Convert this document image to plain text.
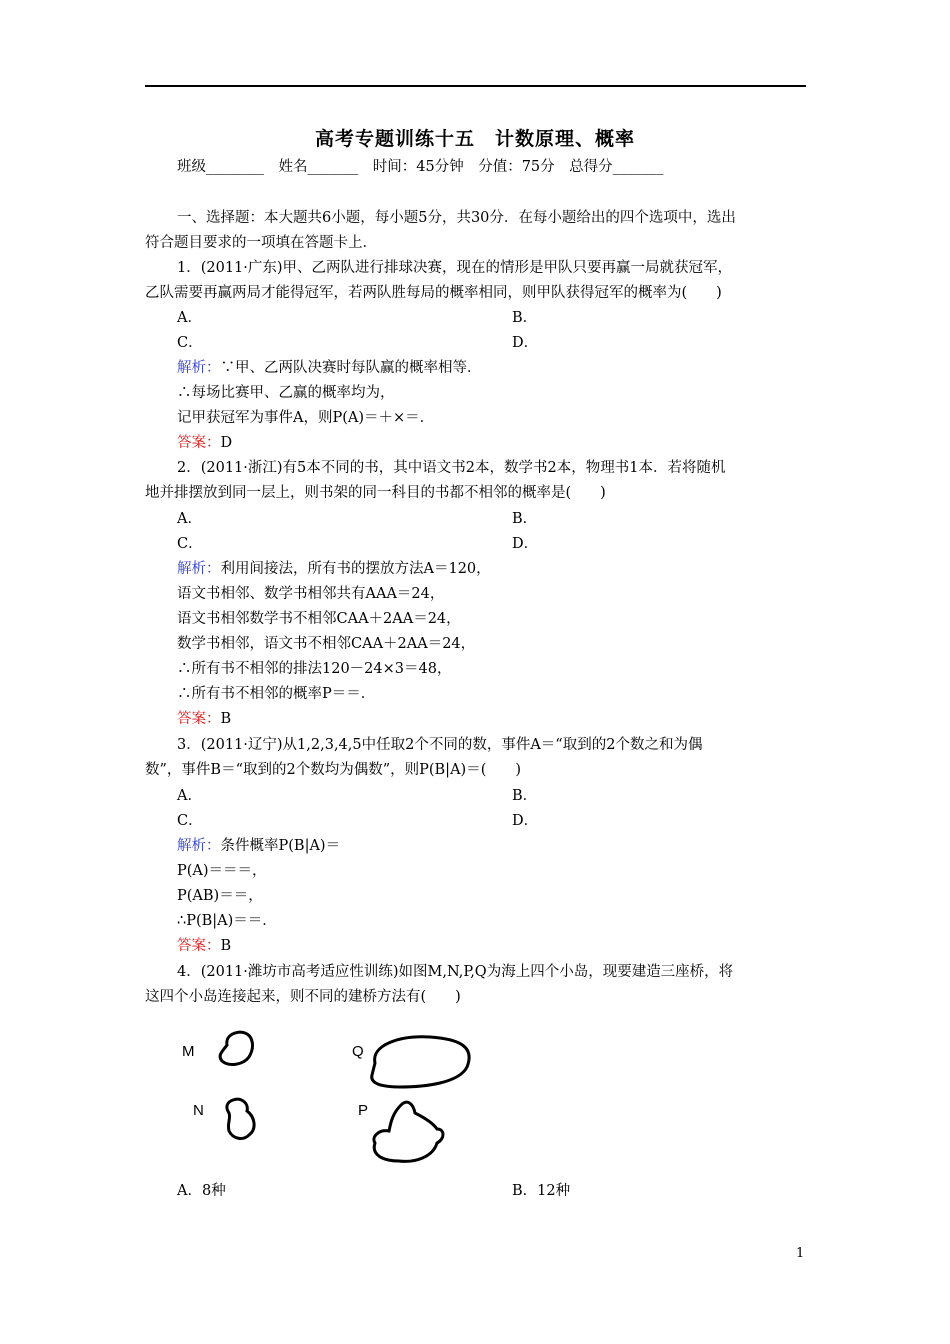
高考专题训练十五　计数原理、概率
班级________　姓名_______　时间：45分钟　分值：75分　总得分_______
一、选择题：本大题共6小题，每小题5分，共30分．在每小题给出的四个选项中，选出
符合题目要求的一项填在答题卡上．
1．(2011·广东)甲、乙两队进行排球决赛，现在的情形是甲队只要再赢一局就获冠军，
乙队需要再赢两局才能得冠军，若两队胜每局的概率相同，则甲队获得冠军的概率为(　　)
A．	B．
C．	D．
解析：∵甲、乙两队决赛时每队赢的概率相等．
∴每场比赛甲、乙赢的概率均为，
记甲获冠军为事件A，则P(A)＝＋×＝．
答案：D
2．(2011·浙江)有5本不同的书，其中语文书2本，数学书2本，物理书1本．若将随机
地并排摆放到同一层上，则书架的同一科目的书都不相邻的概率是(　　)
A．	B．
C．	D．
解析：利用间接法，所有书的摆放方法A＝120，
语文书相邻、数学书相邻共有AAA＝24，
语文书相邻数学书不相邻CAA＋2AA＝24，
数学书相邻，语文书不相邻CAA＋2AA＝24，
∴所有书不相邻的排法120－24×3＝48，
∴所有书不相邻的概率P＝＝．
答案：B
3．(2011·辽宁)从1,2,3,4,5中任取2个不同的数，事件A＝“取到的2个数之和为偶
数”，事件B＝“取到的2个数均为偶数”，则P(B|A)＝(　　)
A．	B．
C．	D．
解析：条件概率P(B|A)＝
P(A)＝＝＝，
P(AB)＝＝，
∴P(B|A)＝＝．
答案：B
4．(2011·潍坊市高考适应性训练)如图M,N,P,Q为海上四个小岛，现要建造三座桥，将
这四个小岛连接起来，则不同的建桥方法有(　　)
M	Q
N	P
A．8种	B．12种
1
